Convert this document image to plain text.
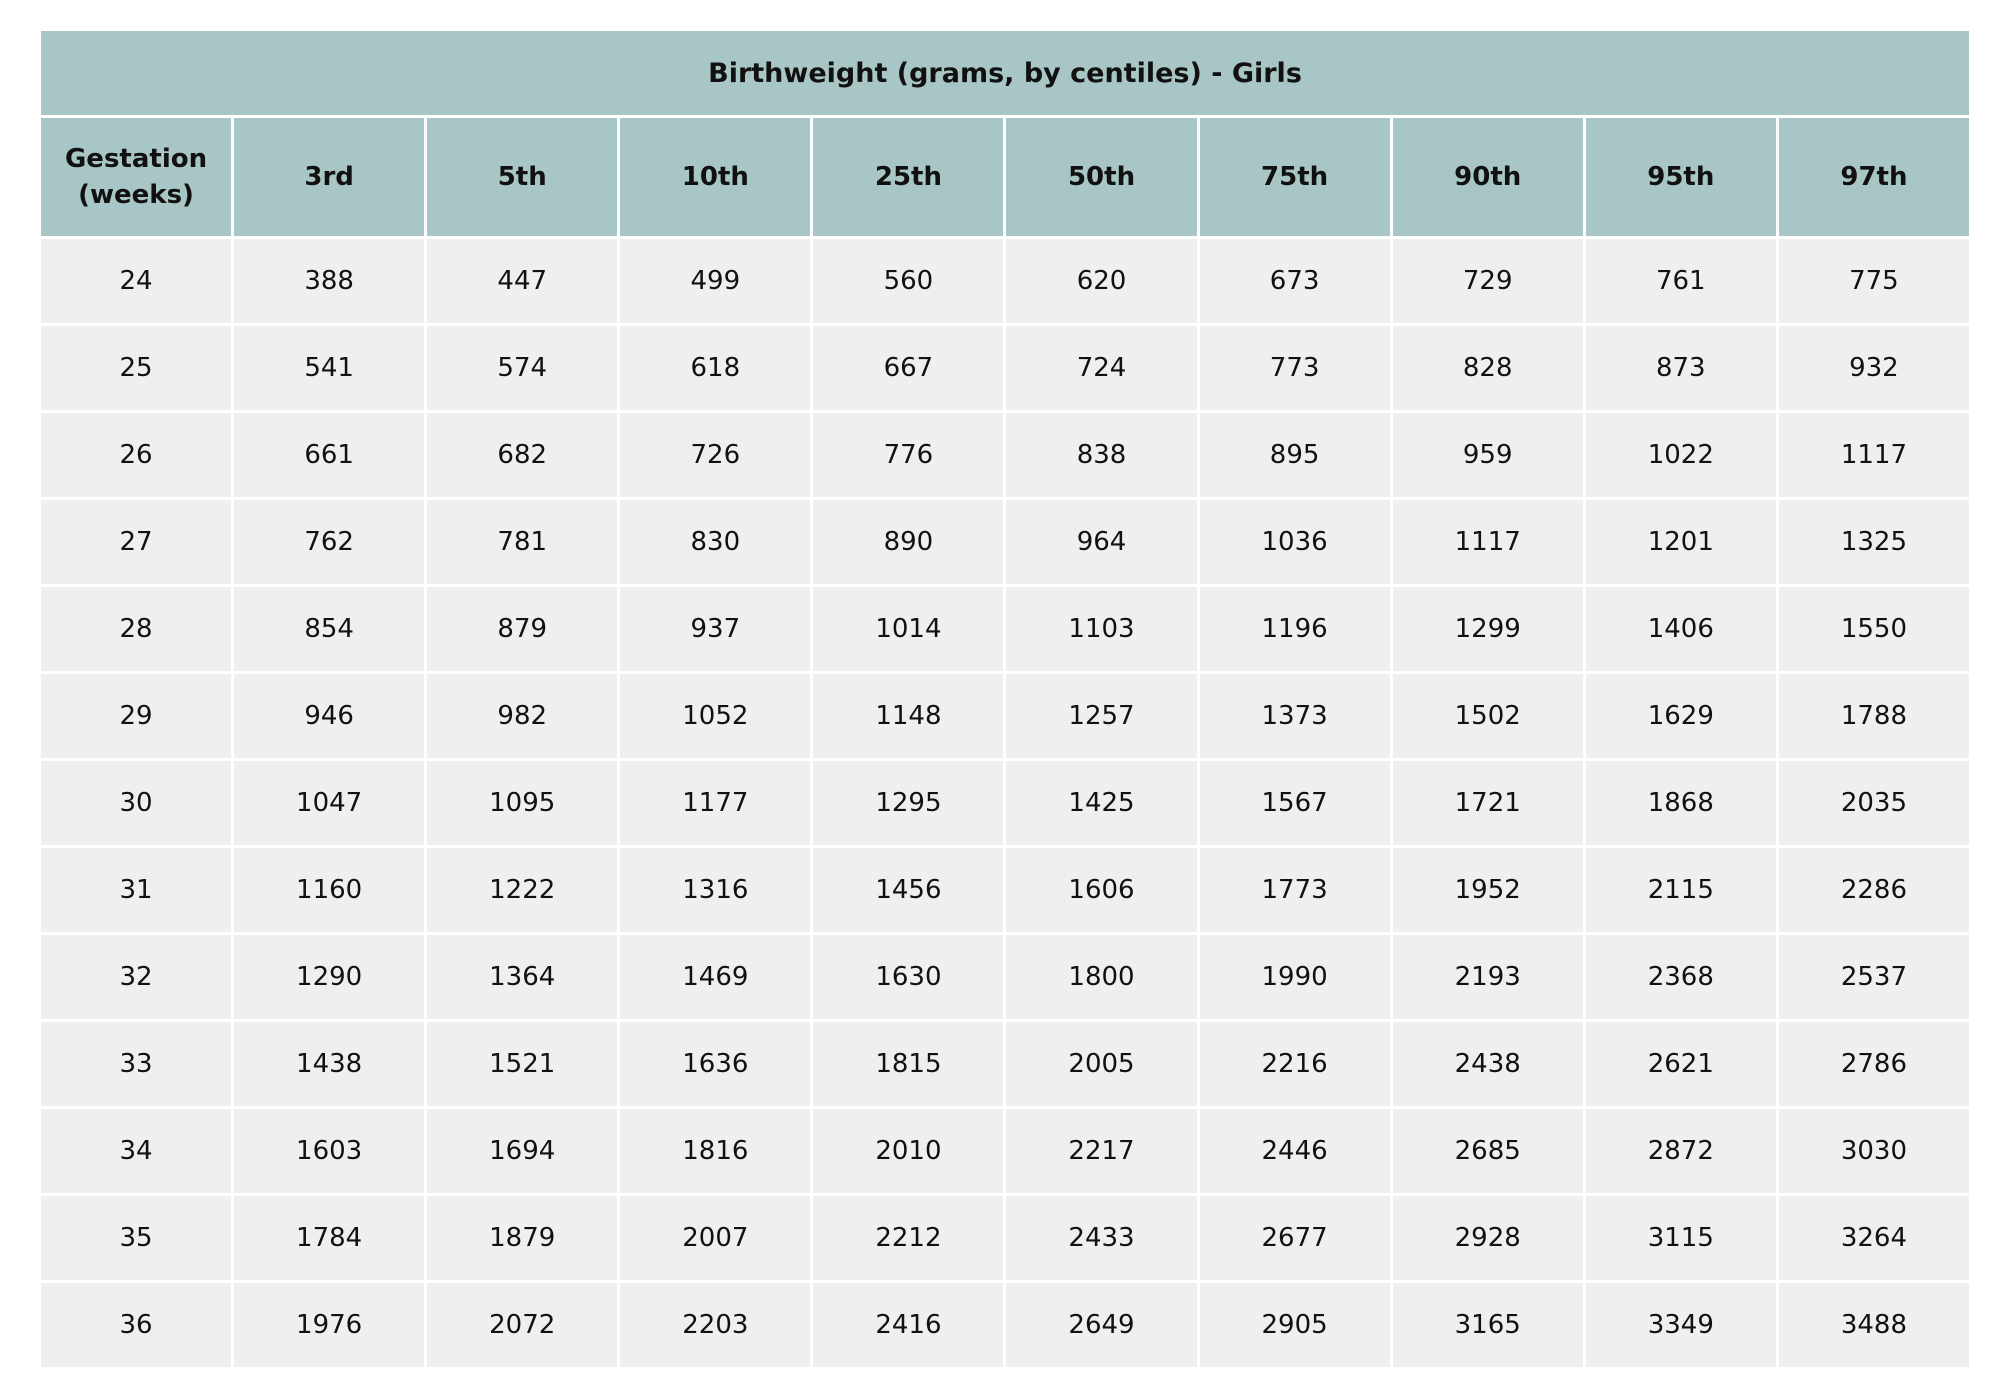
Birthweight (grams, by centiles) - Girls									
Gestation
(weeks)	3rd	5th	10th	25th	50th	75th	90th	95th	97th
24	388	447	499	560	620	673	729	761	775
25	541	574	618	667	724	773	828	873	932
26	661	682	726	776	838	895	959	1022	1117
27	762	781	830	890	964	1036	1117	1201	1325
28	854	879	937	1014	1103	1196	1299	1406	1550
29	946	982	1052	1148	1257	1373	1502	1629	1788
30	1047	1095	1177	1295	1425	1567	1721	1868	2035
31	1160	1222	1316	1456	1606	1773	1952	2115	2286
32	1290	1364	1469	1630	1800	1990	2193	2368	2537
33	1438	1521	1636	1815	2005	2216	2438	2621	2786
34	1603	1694	1816	2010	2217	2446	2685	2872	3030
35	1784	1879	2007	2212	2433	2677	2928	3115	3264
36	1976	2072	2203	2416	2649	2905	3165	3349	3488
